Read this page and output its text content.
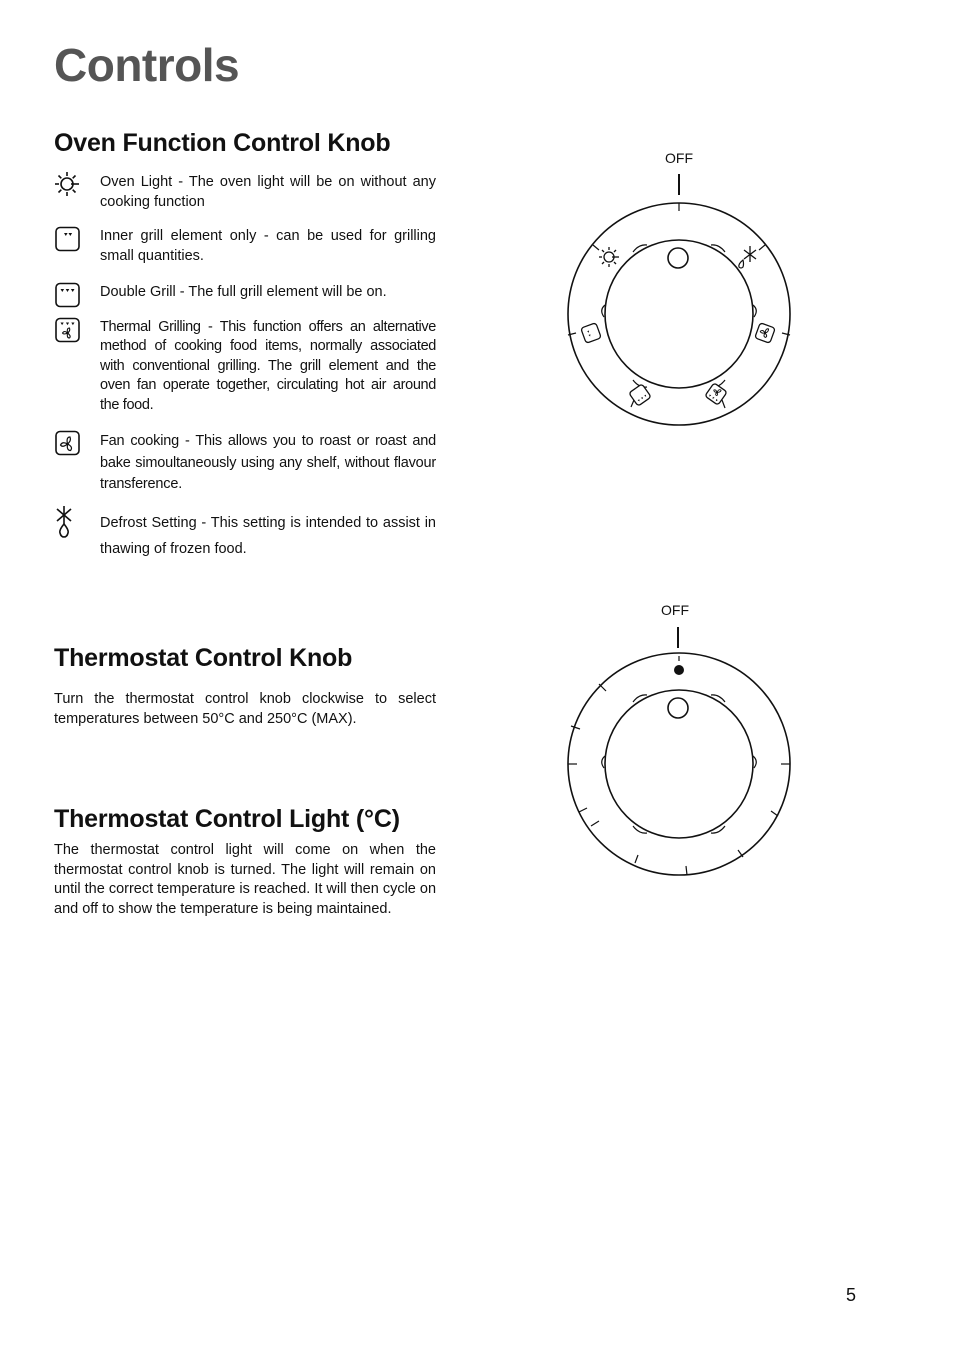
Controls
Oven Function Control Knob

Oven Light - The oven light will be on without any cooking function

Inner grill element only - can be used for grilling small quantities.

Double Grill - The full grill element will be on.

Thermal Grilling - This function offers an alternative method of cooking food items, normally associated with conventional grilling. The grill element and the oven fan operate together, circulating hot air around the food.

Fan cooking - This allows you to roast or roast and bake simoultaneously using any shelf, without flavour transference.

Defrost Setting - This setting is intended to assist in thawing of frozen food.

Thermostat Control Knob

Turn the thermostat control knob clockwise to select temperatures between 50°C and 250°C (MAX).

Thermostat Control Light (°C)

The thermostat control light will come on when the thermostat control knob is turned. The light will remain on until the correct temperature is reached. It will then cycle on and off to show the temperature is being maintained.

OFF
OFF

5
